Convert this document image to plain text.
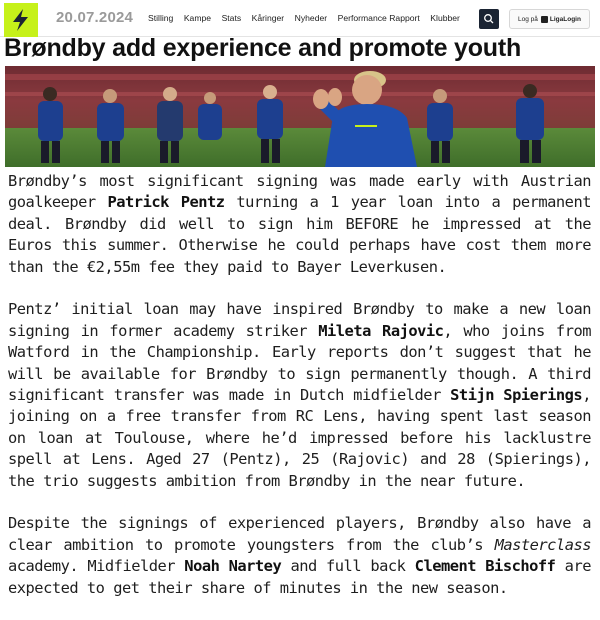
20.07.2024 Stilling Kampe Stats Kåringer Nyheder Performance Rapport Klubber	Log på LigaLogin
Brøndby add experience and promote youth

Brøndby’s most significant signing was made early with Austrian goalkeeper Patrick Pentz turning a 1 year loan into a permanent deal. Brøndby did well to sign him BEFORE he impressed at the Euros this summer. Otherwise he could perhaps have cost them more than the €2,55m fee they paid to Bayer Leverkusen.

Pentz’ initial loan may have inspired Brøndby to make a new loan signing in former academy striker Mileta Rajovic, who joins from Watford in the Championship. Early reports don’t suggest that he will be available for Brøndby to sign permanently though. A third significant transfer was made in Dutch midfielder Stijn Spierings, joining on a free transfer from RC Lens, having spent last season on loan at Toulouse, where he’d impressed before his lacklustre spell at Lens. Aged 27 (Pentz), 25 (Rajovic) and 28 (Spierings), the trio suggests ambition from Brøndby in the near future.

Despite the signings of experienced players, Brøndby also have a clear ambition to promote youngsters from the club’s Masterclass academy. Midfielder Noah Nartey and full back Clement Bischoff are expected to get their share of minutes in the new season.
